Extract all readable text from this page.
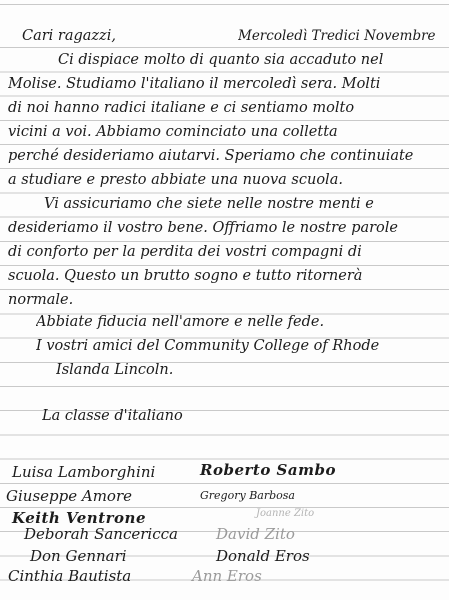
Cari ragazzi,	Mercoledì Tredici Novembre
Ci dispiace molto di quanto sia accaduto nel
Molise. Studiamo l'italiano il mercoledì sera. Molti
di noi hanno radici italiane e ci sentiamo molto
vicini a voi. Abbiamo cominciato una colletta
perché desideriamo aiutarvi. Speriamo che continuiate
a studiare e presto abbiate una nuova scuola.
Vi assicuriamo che siete nelle nostre menti e
desideriamo il vostro bene. Offriamo le nostre parole
di conforto per la perdita dei vostri compagni di
scuola. Questo un brutto sogno e tutto ritornerà
normale.
Abbiate fiducia nell'amore e nelle fede.
I vostri amici del Community College of Rhode
Islanda Lincoln.
La classe d'italiano
Luisa Lamborghini	Roberto Sambo
Giuseppe Amore	Gregory Barbosa
Keith Ventrone	Joanne Zito
Deborah Sancericca	David Zito
Don Gennari	Donald Eros
Cinthia Bautista	Ann Eros
